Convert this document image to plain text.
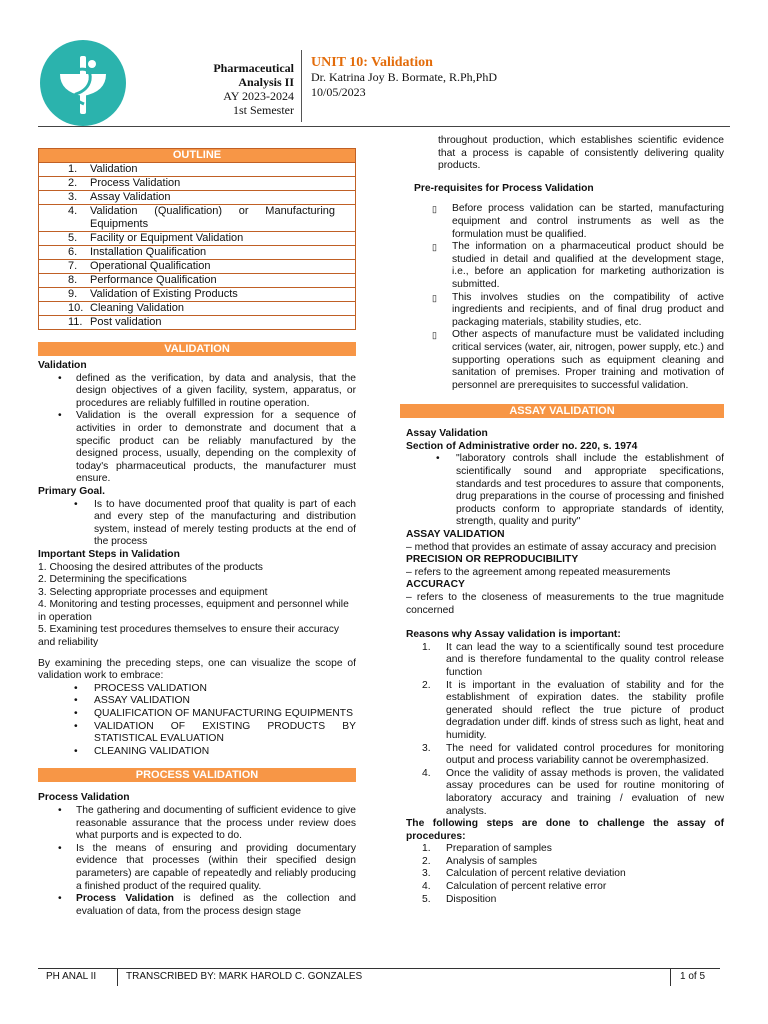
Pharmaceutical
Analysis II
AY 2023-2024
1st Semester
UNIT 10: Validation
Dr. Katrina Joy B. Bormate, R.Ph,PhD
10/05/2023
OUTLINE
1. Validation
2. Process Validation
3. Assay Validation
4. Validation (Qualification) or Manufacturing Equipments
5. Facility or Equipment Validation
6. Installation Qualification
7. Operational Qualification
8. Performance Qualification
9. Validation of Existing Products
10. Cleaning Validation
11. Post validation
VALIDATION

Validation

• defined as the verification, by data and analysis, that the design objectives of a given facility, system, apparatus, or procedures are reliably fulfilled in routine operation.
• Validation is the overall expression for a sequence of activities in order to demonstrate and document that a specific product can be reliably manufactured by the designed process, usually, depending on the complexity of today's pharmaceutical products, the manufacturer must ensure.

Primary Goal.

• Is to have documented proof that quality is part of each and every step of the manufacturing and distribution system, instead of merely testing products at the end of the process

Important Steps in Validation

1. Choosing the desired attributes of the products

2. Determining the specifications

3. Selecting appropriate processes and equipment

4. Monitoring and testing processes, equipment and personnel while in operation

5. Examining test procedures themselves to ensure their accuracy and reliability

By examining the preceding steps, one can visualize the scope of validation work to embrace:

• PROCESS VALIDATION
• ASSAY VALIDATION
• QUALIFICATION OF MANUFACTURING EQUIPMENTS
• VALIDATION OF EXISTING PRODUCTS BY STATISTICAL EVALUATION
• CLEANING VALIDATION
PROCESS VALIDATION

Process Validation

• The gathering and documenting of sufficient evidence to give reasonable assurance that the process under review does what purports and is expected to do.
• Is the means of ensuring and providing documentary evidence that processes (within their specified design parameters) are capable of repeatedly and reliably producing a finished product of the required quality.
• Process Validation is defined as the collection and evaluation of data, from the process design stage

throughout production, which establishes scientific evidence that a process is capable of consistently delivering quality products.

Pre-requisites for Process Validation

▯ Before process validation can be started, manufacturing equipment and control instruments as well as the formulation must be qualified.
▯ The information on a pharmaceutical product should be studied in detail and qualified at the development stage, i.e., before an application for marketing authorization is submitted.
▯ This involves studies on the compatibility of active ingredients and recipients, and of final drug product and packaging materials, stability studies, etc.
▯ Other aspects of manufacture must be validated including critical services (water, air, nitrogen, power supply, etc.) and supporting operations such as equipment cleaning and sanitation of premises. Proper training and motivation of personnel are prerequisites to successful validation.
ASSAY VALIDATION

Assay Validation

Section of Administrative order no. 220, s. 1974

• "laboratory controls shall include the establishment of scientifically sound and appropriate specifications, standards and test procedures to assure that components, drug preparations in the course of processing and finished products conform to appropriate standards of identity, strength, quality and purity"

ASSAY VALIDATION

– method that provides an estimate of assay accuracy and precision

PRECISION OR REPRODUCIBILITY

– refers to the agreement among repeated measurements

ACCURACY

– refers to the closeness of measurements to the true magnitude concerned

Reasons why Assay validation is important:

1. It can lead the way to a scientifically sound test procedure and is therefore fundamental to the quality control release function
2. It is important in the evaluation of stability and for the establishment of expiration dates. the stability profile generated should reflect the true picture of product degradation under diff. kinds of stress such as light, heat and humidity.
3. The need for validated control procedures for monitoring output and process variability cannot be overemphasized.
4. Once the validity of assay methods is proven, the validated assay procedures can be used for routine monitoring of laboratory accuracy and training / evaluation of new analysts.

The following steps are done to challenge the assay of procedures:

1. Preparation of samples
2. Analysis of samples
3. Calculation of percent relative deviation
4. Calculation of percent relative error
5. Disposition
PH ANAL II	TRANSCRIBED BY: MARK HAROLD C. GONZALES	1 of 5
